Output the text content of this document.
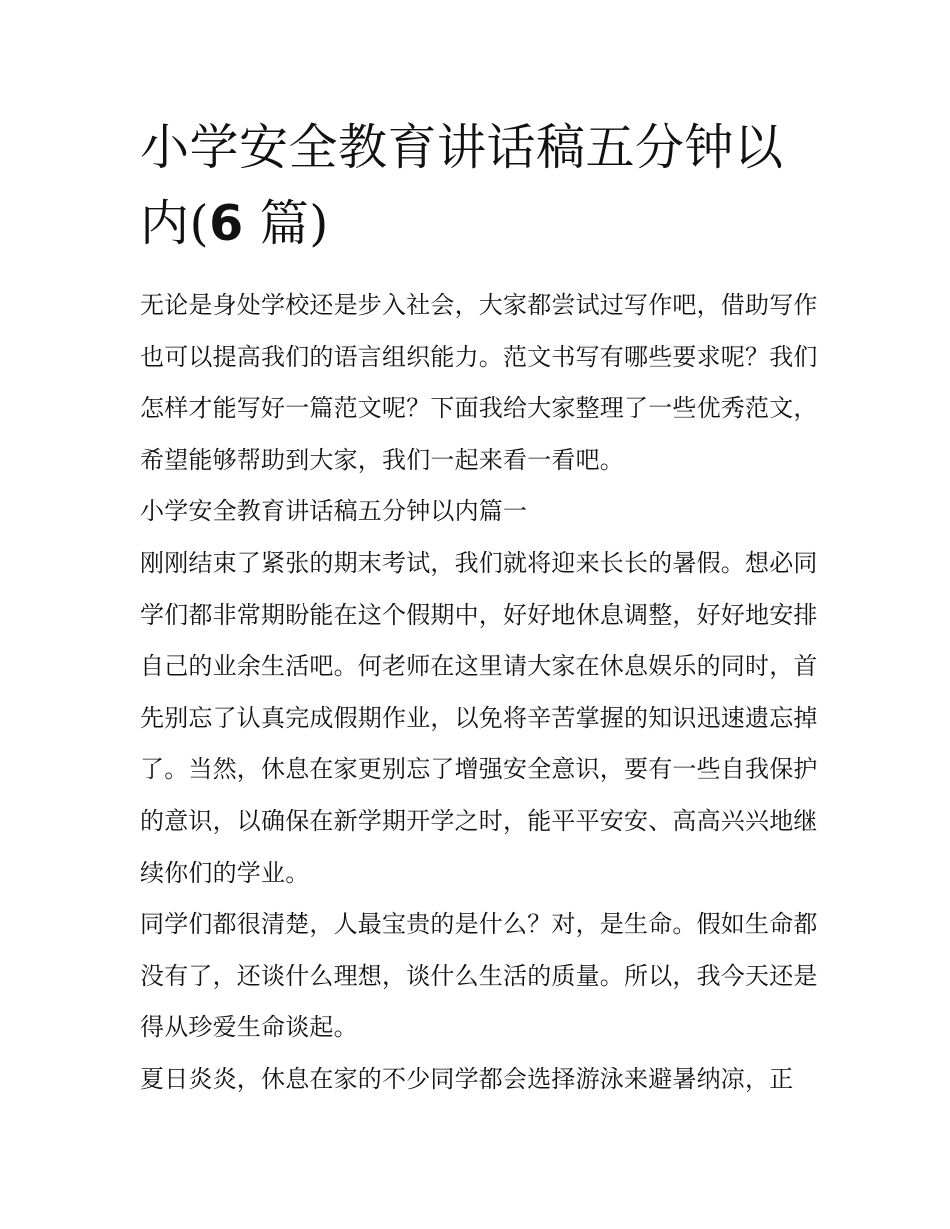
小学安全教育讲话稿五分钟以内(6 篇)

无论是身处学校还是步入社会，大家都尝试过写作吧，借助写作也可以提高我们的语言组织能力。范文书写有哪些要求呢？我们怎样才能写好一篇范文呢？下面我给大家整理了一些优秀范文，希望能够帮助到大家，我们一起来看一看吧。

小学安全教育讲话稿五分钟以内篇一

刚刚结束了紧张的期末考试，我们就将迎来长长的暑假。想必同学们都非常期盼能在这个假期中，好好地休息调整，好好地安排自己的业余生活吧。何老师在这里请大家在休息娱乐的同时，首先别忘了认真完成假期作业，以免将辛苦掌握的知识迅速遗忘掉了。当然，休息在家更别忘了增强安全意识，要有一些自我保护的意识，以确保在新学期开学之时，能平平安安、高高兴兴地继续你们的学业。

同学们都很清楚，人最宝贵的是什么？对，是生命。假如生命都没有了，还谈什么理想，谈什么生活的质量。所以，我今天还是得从珍爱生命谈起。

夏日炎炎，休息在家的不少同学都会选择游泳来避暑纳凉，正
